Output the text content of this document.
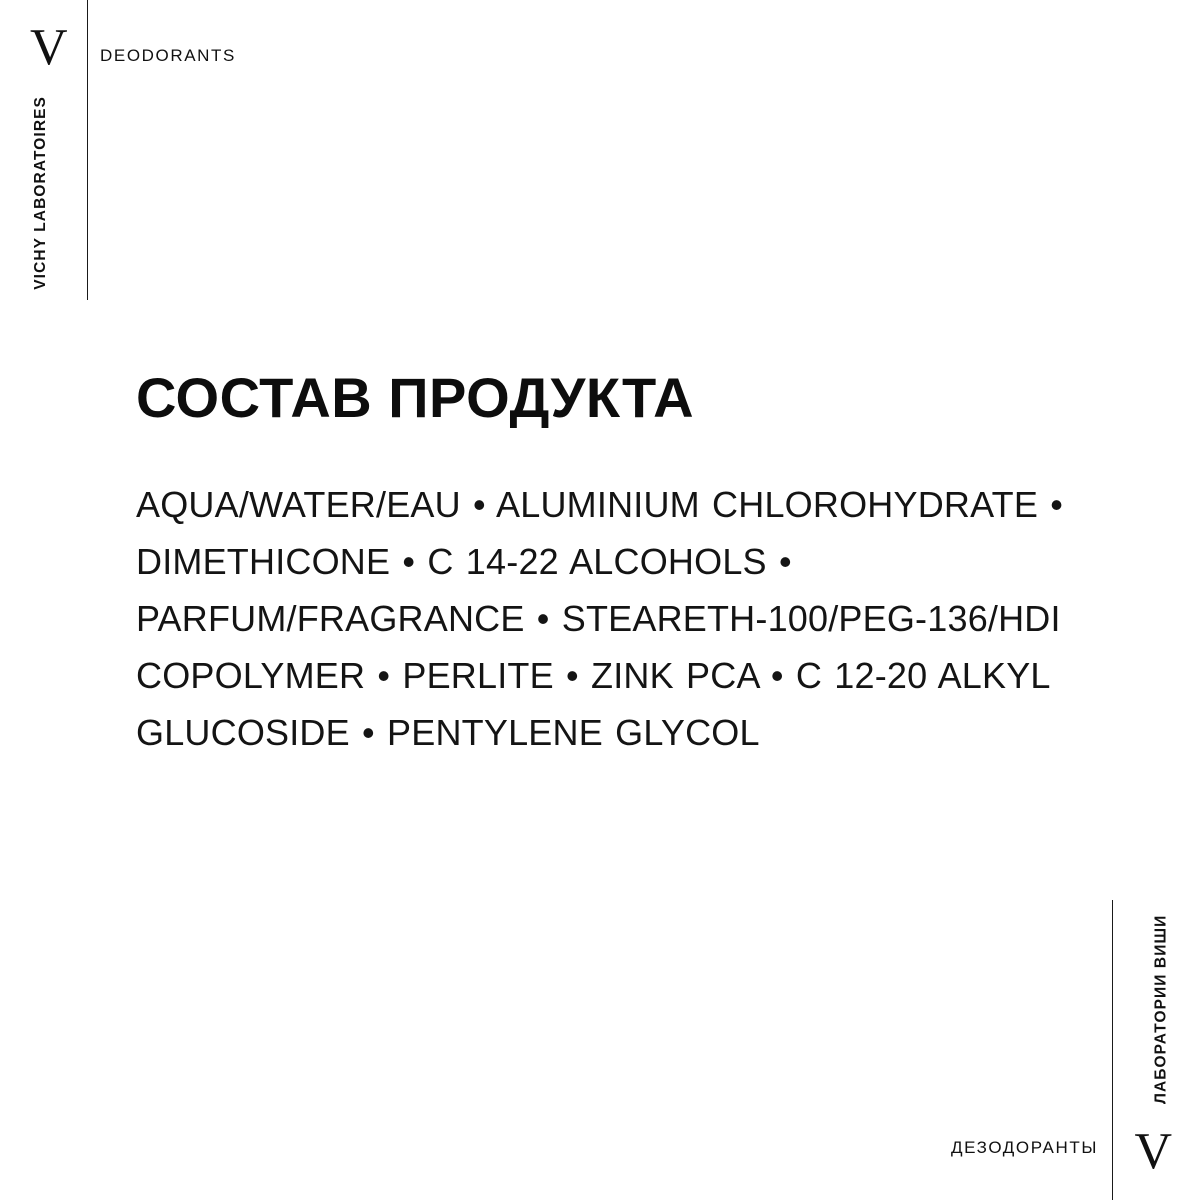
V
VICHY LABORATOIRES
DEODORANTS
СОСТАВ ПРОДУКТА

AQUA/WATER/EAU • ALUMINIUM CHLOROHYDRATE • DIMETHICONE • C 14-22 ALCOHOLS • PARFUM/FRAGRANCE • STEARETH-100/PEG-136/HDI COPOLYMER • PERLITE • ZINK PCA • C 12-20 ALKYL GLUCOSIDE • PENTYLENE GLYCOL

V
ЛАБОРАТОРИИ ВИШИ
ДЕЗОДОРАНТЫ
